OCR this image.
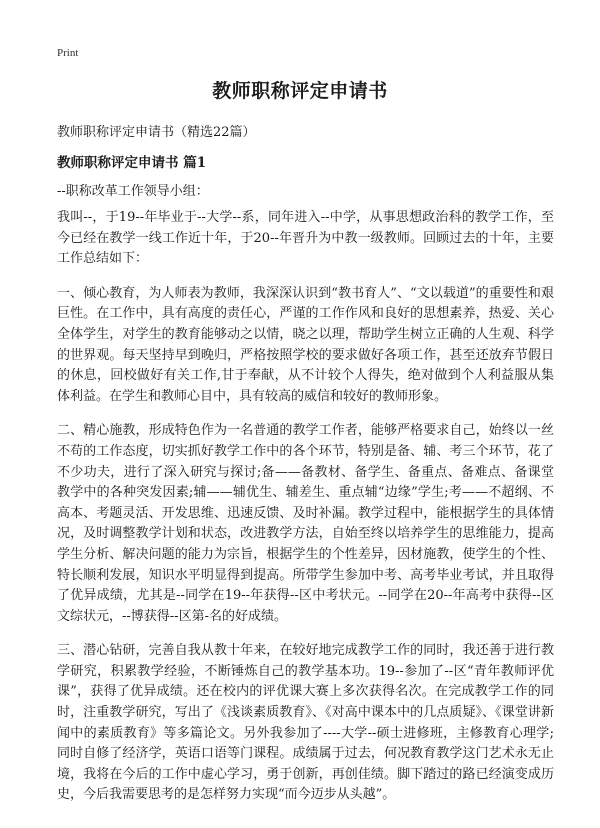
Print
教师职称评定申请书
教师职称评定申请书（精选22篇）
教师职称评定申请书 篇1
--职称改革工作领导小组：

我叫--，于19--年毕业于--大学--系，同年进入--中学，从事思想政治科的教学工作，至今已经在教学一线工作近十年，于20--年晋升为中教一级教师。回顾过去的十年，主要工作总结如下：

一、倾心教育，为人师表为教师，我深深认识到“教书育人”、“文以载道”的重要性和艰巨性。在工作中，具有高度的责任心，严谨的工作作风和良好的思想素养，热爱、关心全体学生，对学生的教育能够动之以情，晓之以理，帮助学生树立正确的人生观、科学的世界观。每天坚持早到晚归，严格按照学校的要求做好各项工作，甚至还放弃节假日的休息，回校做好有关工作,甘于奉献，从不计较个人得失，绝对做到个人利益服从集体利益。在学生和教师心目中，具有较高的威信和较好的教师形象。

二、精心施教，形成特色作为一名普通的教学工作者，能够严格要求自己，始终以一丝不苟的工作态度，切实抓好教学工作中的各个环节，特别是备、辅、考三个环节，花了不少功夫，进行了深入研究与探讨;备——备教材、备学生、备重点、备难点、备课堂教学中的各种突发因素;辅——辅优生、辅差生、重点辅“边缘”学生;考——不超纲、不高本、考题灵活、开发思维、迅速反馈、及时补漏。教学过程中，能根据学生的具体情况，及时调整教学计划和状态，改进教学方法，自始至终以培养学生的思维能力，提高学生分析、解决问题的能力为宗旨，根据学生的个性差异，因材施教，使学生的个性、特长顺利发展，知识水平明显得到提高。所带学生参加中考、高考毕业考试，并且取得了优异成绩，尤其是--同学在19--年获得--区中考状元。--同学在20--年高考中获得--区文综状元，--博获得--区第-名的好成绩。

三、潜心钻研，完善自我从教十年来，在较好地完成教学工作的同时，我还善于进行教学研究，积累教学经验，不断锤炼自己的教学基本功。19--参加了--区“青年教师评优课”，获得了优异成绩。还在校内的评优课大赛上多次获得名次。在完成教学工作的同时，注重教学研究，写出了《浅谈素质教育》、《对高中课本中的几点质疑》、《课堂讲新闻中的素质教育》等多篇论文。另外我参加了----大学--硕士进修班，主修教育心理学;同时自修了经济学，英语口语等门课程。成绩属于过去，何况教育教学这门艺术永无止境，我将在今后的工作中虚心学习，勇于创新，再创佳绩。脚下踏过的路已经演变成历史，今后我需要思考的是怎样努力实现“而今迈步从头越”。
